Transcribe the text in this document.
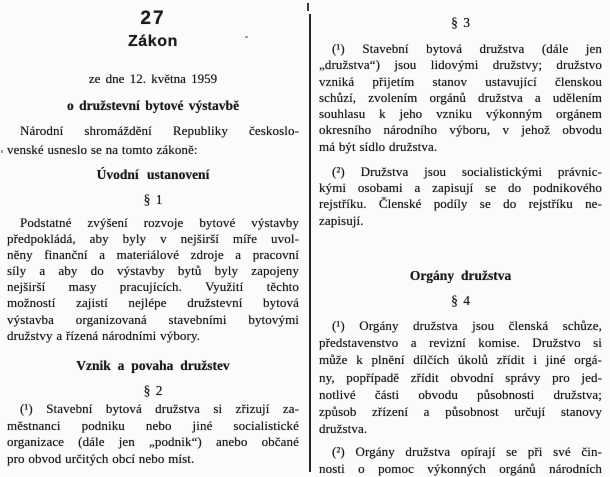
27
Zákon
ze dne 12. května 1959
o družstevní bytové výstavbě
Národní shromáždění Republiky českoslo-
venské usneslo se na tomto zákoně:
Úvodní ustanovení
§ 1
Podstatné zvýšení rozvoje bytové výstavby
předpokládá, aby byly v nejširší míře uvol-
něny finanční a materiálové zdroje a pracovní
síly a aby do výstavby bytů byly zapojeny
nejširší masy pracujících. Využití těchto
možností zajistí nejlépe družstevní bytová
výstavba organizovaná stavebními bytovými
družstvy a řízená národními výbory.
Vznik a povaha družstev
§ 2
(¹) Stavební bytová družstva si zřizují za-
městnanci podniku nebo jiné socialistické
organizace (dále jen „podnik“) anebo občané
pro obvod určitých obcí nebo míst.
§ 3
(¹) Stavební bytová družstva (dále jen
„družstva“) jsou lidovými družstvy; družstvo
vzniká přijetím stanov ustavující členskou
schůzí, zvolením orgánů družstva a udělením
souhlasu k jeho vzniku výkonným orgánem
okresního národního výboru, v jehož obvodu
má být sídlo družstva.
(²) Družstva jsou socialistickými právnic-
kými osobami a zapisují se do podnikového
rejstříku. Členské podíly se do rejstříku ne-
zapisují.
Orgány družstva
§ 4
(¹) Orgány družstva jsou členská schůze,
představenstvo a revizní komise. Družstvo si
může k plnění dílčích úkolů zřídit i jiné orgá-
ny, popřípadě zřídit obvodní správy pro jed-
notlivé části obvodu působnosti družstva;
způsob zřízení a působnost určují stanovy
družstva.
(²) Orgány družstva opírají se při své čin-
nosti o pomoc výkonných orgánů národních
